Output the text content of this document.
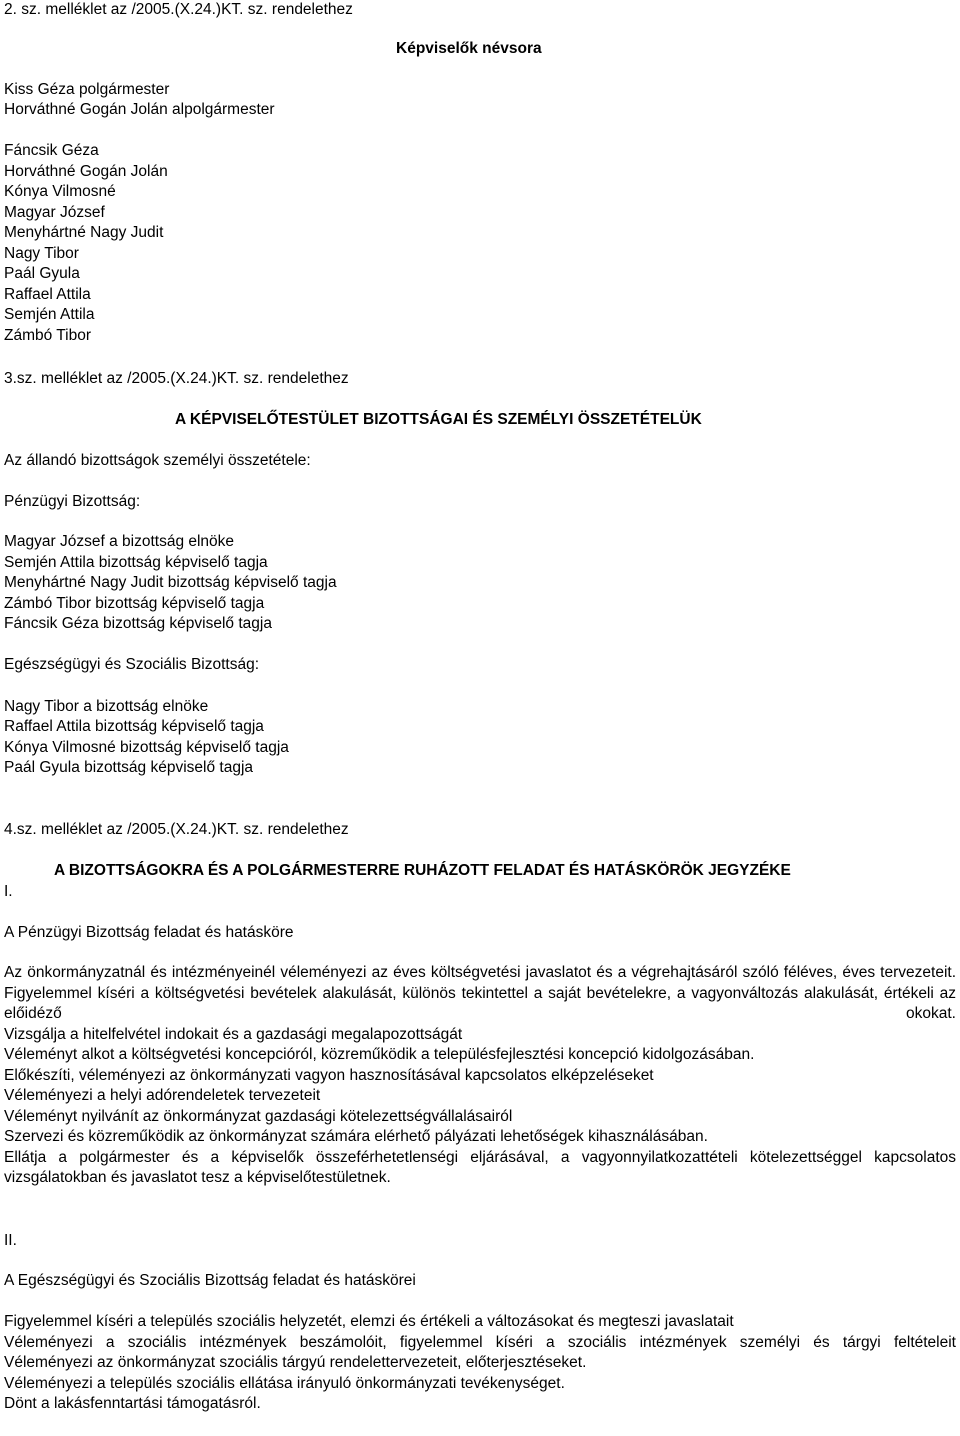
2. sz. melléklet az /2005.(X.24.)KT. sz. rendelethez
Képviselők névsora
Kiss Géza polgármester
Horváthné Gogán Jolán alpolgármester
Fáncsik Géza
Horváthné Gogán Jolán
Kónya Vilmosné
Magyar József
Menyhártné Nagy Judit
Nagy Tibor
Paál Gyula
Raffael Attila
Semjén Attila
Zámbó Tibor
3.sz. melléklet az /2005.(X.24.)KT. sz. rendelethez
A KÉPVISELŐTESTÜLET BIZOTTSÁGAI ÉS SZEMÉLYI ÖSSZETÉTELÜK
Az állandó bizottságok személyi összetétele:
Pénzügyi Bizottság:
Magyar József a bizottság elnöke
Semjén Attila bizottság képviselő tagja
Menyhártné Nagy Judit bizottság képviselő tagja
Zámbó Tibor bizottság képviselő tagja
Fáncsik Géza bizottság képviselő tagja
Egészségügyi és Szociális Bizottság:
Nagy Tibor a bizottság elnöke
Raffael Attila bizottság képviselő tagja
Kónya Vilmosné bizottság képviselő tagja
Paál Gyula bizottság képviselő tagja
4.sz. melléklet az /2005.(X.24.)KT. sz. rendelethez
A BIZOTTSÁGOKRA ÉS A POLGÁRMESTERRE RUHÁZOTT FELADAT ÉS HATÁSKÖRÖK JEGYZÉKE
I.
A Pénzügyi Bizottság feladat és hatásköre
Az önkormányzatnál és intézményeinél véleményezi az éves költségvetési javaslatot és a végrehajtásáról szóló féléves, éves tervezeteit.
Figyelemmel kíséri a költségvetési bevételek alakulását, különös tekintettel a saját bevételekre, a vagyonváltozás alakulását, értékeli az előidéző okokat.
Vizsgálja a hitelfelvétel indokait és a gazdasági megalapozottságát
Véleményt alkot a költségvetési koncepcióról, közreműködik a településfejlesztési koncepció kidolgozásában.
Előkészíti, véleményezi az önkormányzati vagyon hasznosításával kapcsolatos elképzeléseket
Véleményezi a helyi adórendeletek tervezeteit
Véleményt nyilvánít az önkormányzat gazdasági kötelezettségvállalásairól
Szervezi és közreműködik az önkormányzat számára elérhető pályázati lehetőségek kihasználásában.
Ellátja a polgármester és a képviselők összeférhetetlenségi eljárásával, a vagyonnyilatkozattételi kötelezettséggel kapcsolatos vizsgálatokban és javaslatot tesz a képviselőtestületnek.
II.
A Egészségügyi és Szociális Bizottság feladat és hatáskörei
Figyelemmel kíséri a település szociális helyzetét, elemzi és értékeli a változásokat és megteszi javaslatait
Véleményezi a szociális intézmények beszámolóit, figyelemmel kíséri a szociális intézmények személyi és tárgyi feltételeit
Véleményezi az önkormányzat szociális tárgyú rendelettervezeteit, előterjesztéseket.
Véleményezi a település szociális ellátása irányuló önkormányzati tevékenységet.
Dönt a lakásfenntartási támogatásról.
